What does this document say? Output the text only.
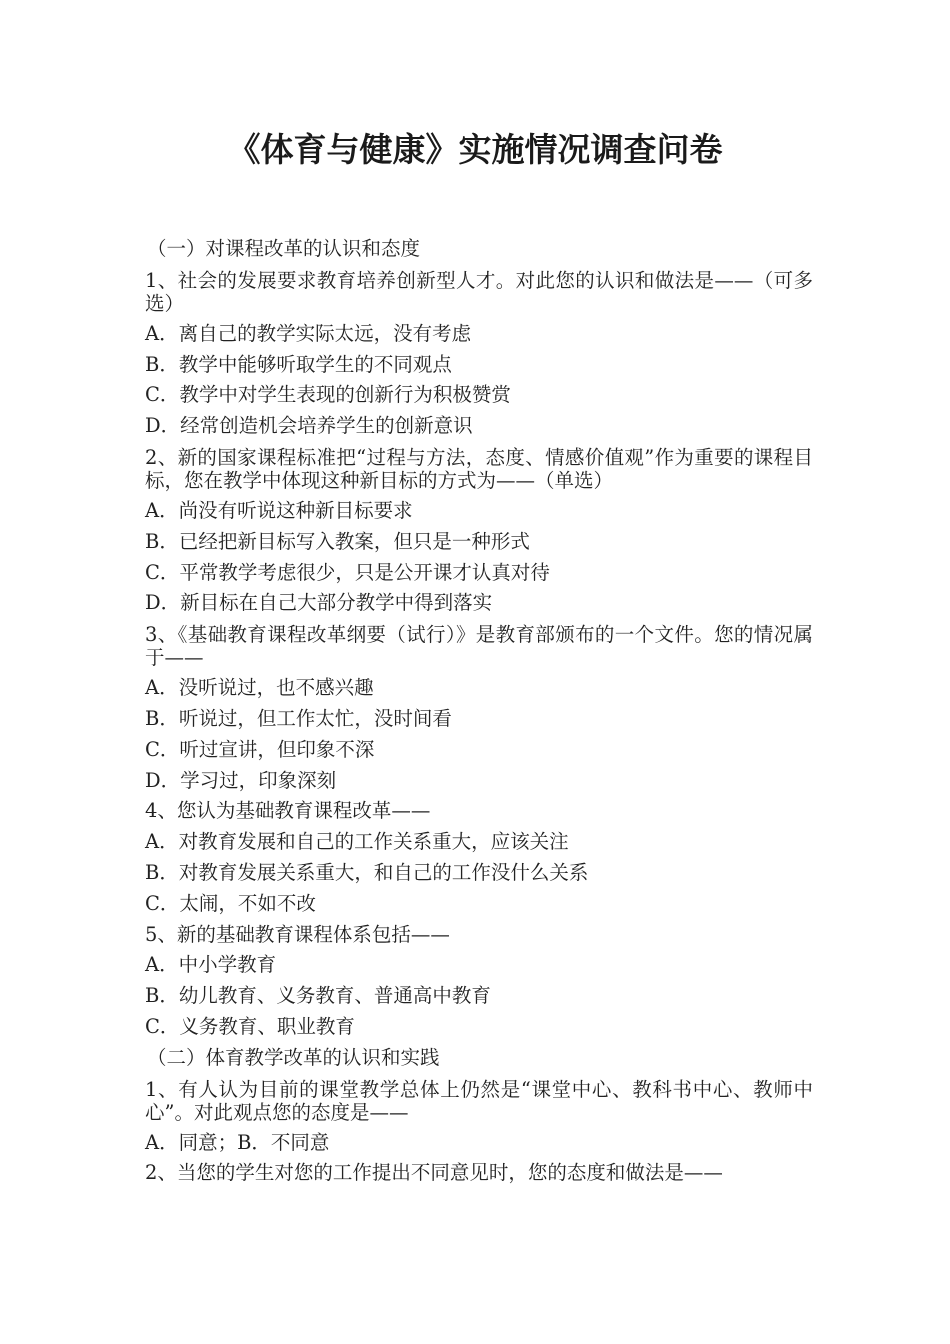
《体育与健康》实施情况调查问卷
（一）对课程改革的认识和态度
1、社会的发展要求教育培养创新型人才。对此您的认识和做法是——（可多选）
A．离自己的教学实际太远，没有考虑
B．教学中能够听取学生的不同观点
C．教学中对学生表现的创新行为积极赞赏
D．经常创造机会培养学生的创新意识
2、新的国家课程标准把“过程与方法，态度、情感价值观”作为重要的课程目标，您在教学中体现这种新目标的方式为——（单选）
A．尚没有听说这种新目标要求
B．已经把新目标写入教案，但只是一种形式
C．平常教学考虑很少，只是公开课才认真对待
D．新目标在自己大部分教学中得到落实
3、《基础教育课程改革纲要（试行）》是教育部颁布的一个文件。您的情况属于——
A．没听说过，也不感兴趣
B．听说过，但工作太忙，没时间看
C．听过宣讲，但印象不深
D．学习过，印象深刻
4、您认为基础教育课程改革——
A．对教育发展和自己的工作关系重大，应该关注
B．对教育发展关系重大，和自己的工作没什么关系
C．太闹，不如不改
5、新的基础教育课程体系包括——
A．中小学教育
B．幼儿教育、义务教育、普通高中教育
C．义务教育、职业教育
（二）体育教学改革的认识和实践
1、有人认为目前的课堂教学总体上仍然是“课堂中心、教科书中心、教师中心”。对此观点您的态度是——
A．同意；B．不同意
2、当您的学生对您的工作提出不同意见时，您的态度和做法是——
